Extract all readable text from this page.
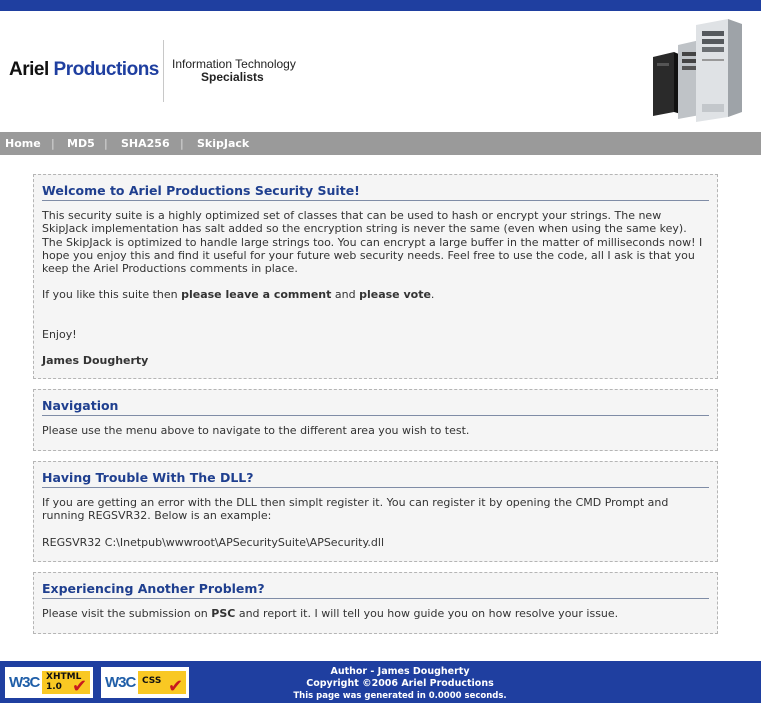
Ariel Productions Information Technology
Specialists
Home | MD5 | SHA256 | SkipJack
Welcome to Ariel Productions Security Suite!

This security suite is a highly optimized set of classes that can be used to hash or encrypt your strings. The new SkipJack implementation has salt added so the encryption string is never the same (even when using the same key). The SkipJack is optimized to handle large strings too. You can encrypt a large buffer in the matter of milliseconds now! I hope you enjoy this and find it useful for your future web security needs. Feel free to use the code, all I ask is that you keep the Ariel Productions comments in place.

If you like this suite then please leave a comment and please vote.

Enjoy!

James Dougherty

Navigation

Please use the menu above to navigate to the different area you wish to test.

Having Trouble With The DLL?

If you are getting an error with the DLL then simplt register it. You can register it by opening the CMD Prompt and running REGSVR32. Below is an example:

REGSVR32 C:\Inetpub\wwwroot\APSecuritySuite\APSecurity.dll

Experiencing Another Problem?

Please visit the submission on PSC and report it. I will tell you how guide you on how resolve your issue.

Author - James Dougherty
Copyright ©2006 Ariel Productions
This page was generated in 0.0000 seconds.
W3C XHTML
1.0 ✔ W3C CSS ✔
